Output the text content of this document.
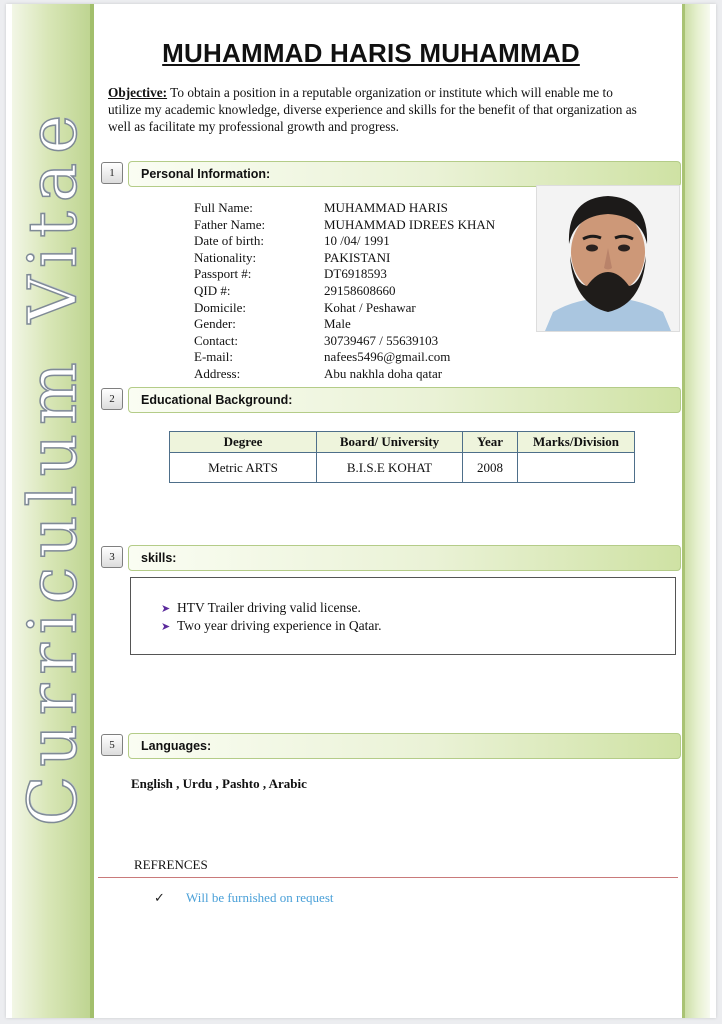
Curriculum Vitae
MUHAMMAD HARIS MUHAMMAD
Objective: To obtain a position in a reputable organization or institute which will enable me to utilize my academic knowledge, diverse experience and skills for the benefit of that organization as well as facilitate my professional growth and progress.
1	Personal Information:
Full Name:	MUHAMMAD HARIS
Father Name:	MUHAMMAD IDREES KHAN
Date of birth:	10 /04/ 1991
Nationality:	PAKISTANI
Passport #:	DT6918593
QID #:	29158608660
Domicile:	Kohat / Peshawar
Gender:	Male
Contact:	30739467 / 55639103
E-mail:	nafees5496@gmail.com
Address:	Abu nakhla doha qatar
2	Educational Background:
Degree	Board/ University	Year	Marks/Division
Metric ARTS	B.I.S.E KOHAT	2008	
3	skills:
➤ HTV Trailer driving valid license.
➤ Two year driving experience in Qatar.
5	Languages:
English , Urdu , Pashto , Arabic
REFRENCES
✓	Will be furnished on request
